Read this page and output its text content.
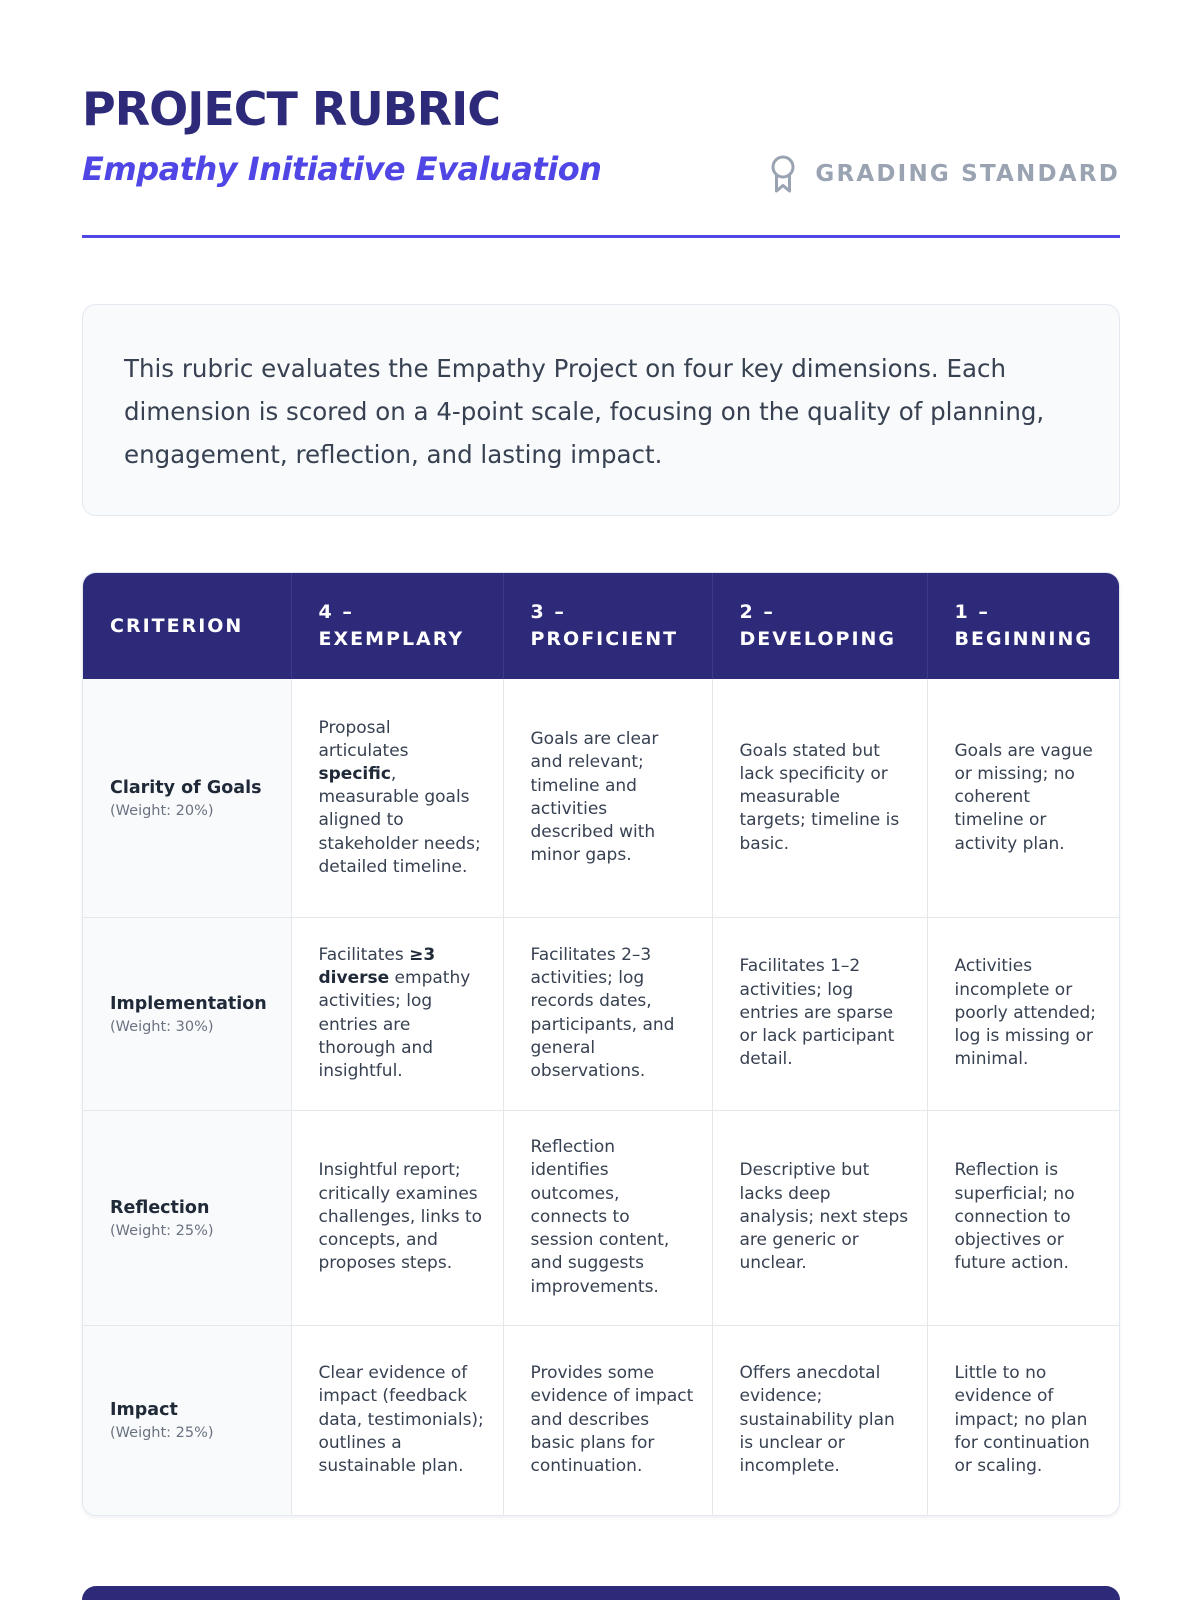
PROJECT RUBRIC
Empathy Initiative Evaluation	GRADING STANDARD

This rubric evaluates the Empathy Project on four key dimensions. Each dimension is scored on a 4-point scale, focusing on the quality of planning, engagement, reflection, and lasting impact.

CRITERION	4 – EXEMPLARY	3 – PROFICIENT	2 – DEVELOPING	1 – BEGINNING

Clarity of Goals
(Weight: 20%)	Proposal articulates specific, measurable goals aligned to stakeholder needs; detailed timeline.	Goals are clear and relevant; timeline and activities described with minor gaps.	Goals stated but lack specificity or measurable targets; timeline is basic.	Goals are vague or missing; no coherent timeline or activity plan.

Implementation
(Weight: 30%)	Facilitates ≥3 diverse empathy activities; log entries are thorough and insightful.	Facilitates 2–3 activities; log records dates, participants, and general observations.	Facilitates 1–2 activities; log entries are sparse or lack participant detail.	Activities incomplete or poorly attended; log is missing or minimal.

Reflection
(Weight: 25%)	Insightful report; critically examines challenges, links to concepts, and proposes steps.	Reflection identifies outcomes, connects to session content, and suggests improvements.	Descriptive but lacks deep analysis; next steps are generic or unclear.	Reflection is superficial; no connection to objectives or future action.

Impact
(Weight: 25%)	Clear evidence of impact (feedback data, testimonials); outlines a sustainable plan.	Provides some evidence of impact and describes basic plans for continuation.	Offers anecdotal evidence; sustainability plan is unclear or incomplete.	Little to no evidence of impact; no plan for continuation or scaling.
